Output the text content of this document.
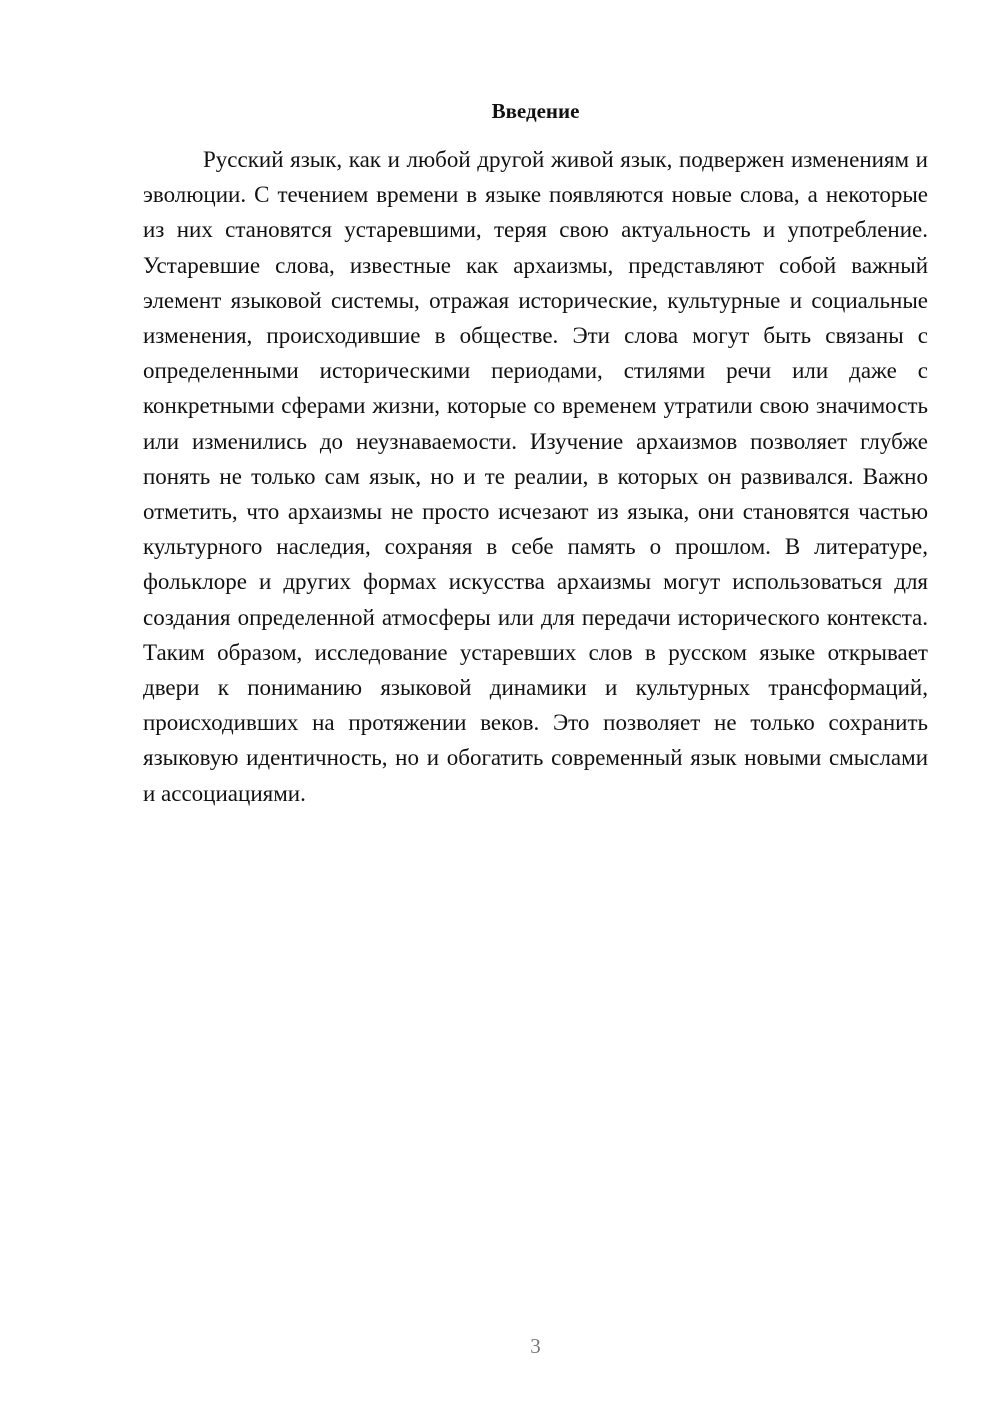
Введение

Русский язык, как и любой другой живой язык, подвержен изменениям и эволюции. С течением времени в языке появляются новые слова, а некоторые из них становятся устаревшими, теряя свою актуальность и употребление. Устаревшие слова, известные как архаизмы, представляют собой важный элемент языковой системы, отражая исторические, культурные и социальные изменения, происходившие в обществе. Эти слова могут быть связаны с определенными историческими периодами, стилями речи или даже с конкретными сферами жизни, которые со временем утратили свою значимость или изменились до неузнаваемости. Изучение архаизмов позволяет глубже понять не только сам язык, но и те реалии, в которых он развивался. Важно отметить, что архаизмы не просто исчезают из языка, они становятся частью культурного наследия, сохраняя в себе память о прошлом. В литературе, фольклоре и других формах искусства архаизмы могут использоваться для создания определенной атмосферы или для передачи исторического контекста. Таким образом, исследование устаревших слов в русском языке открывает двери к пониманию языковой динамики и культурных трансформаций, происходивших на протяжении веков. Это позволяет не только сохранить языковую идентичность, но и обогатить современный язык новыми смыслами и ассоциациями.

3
